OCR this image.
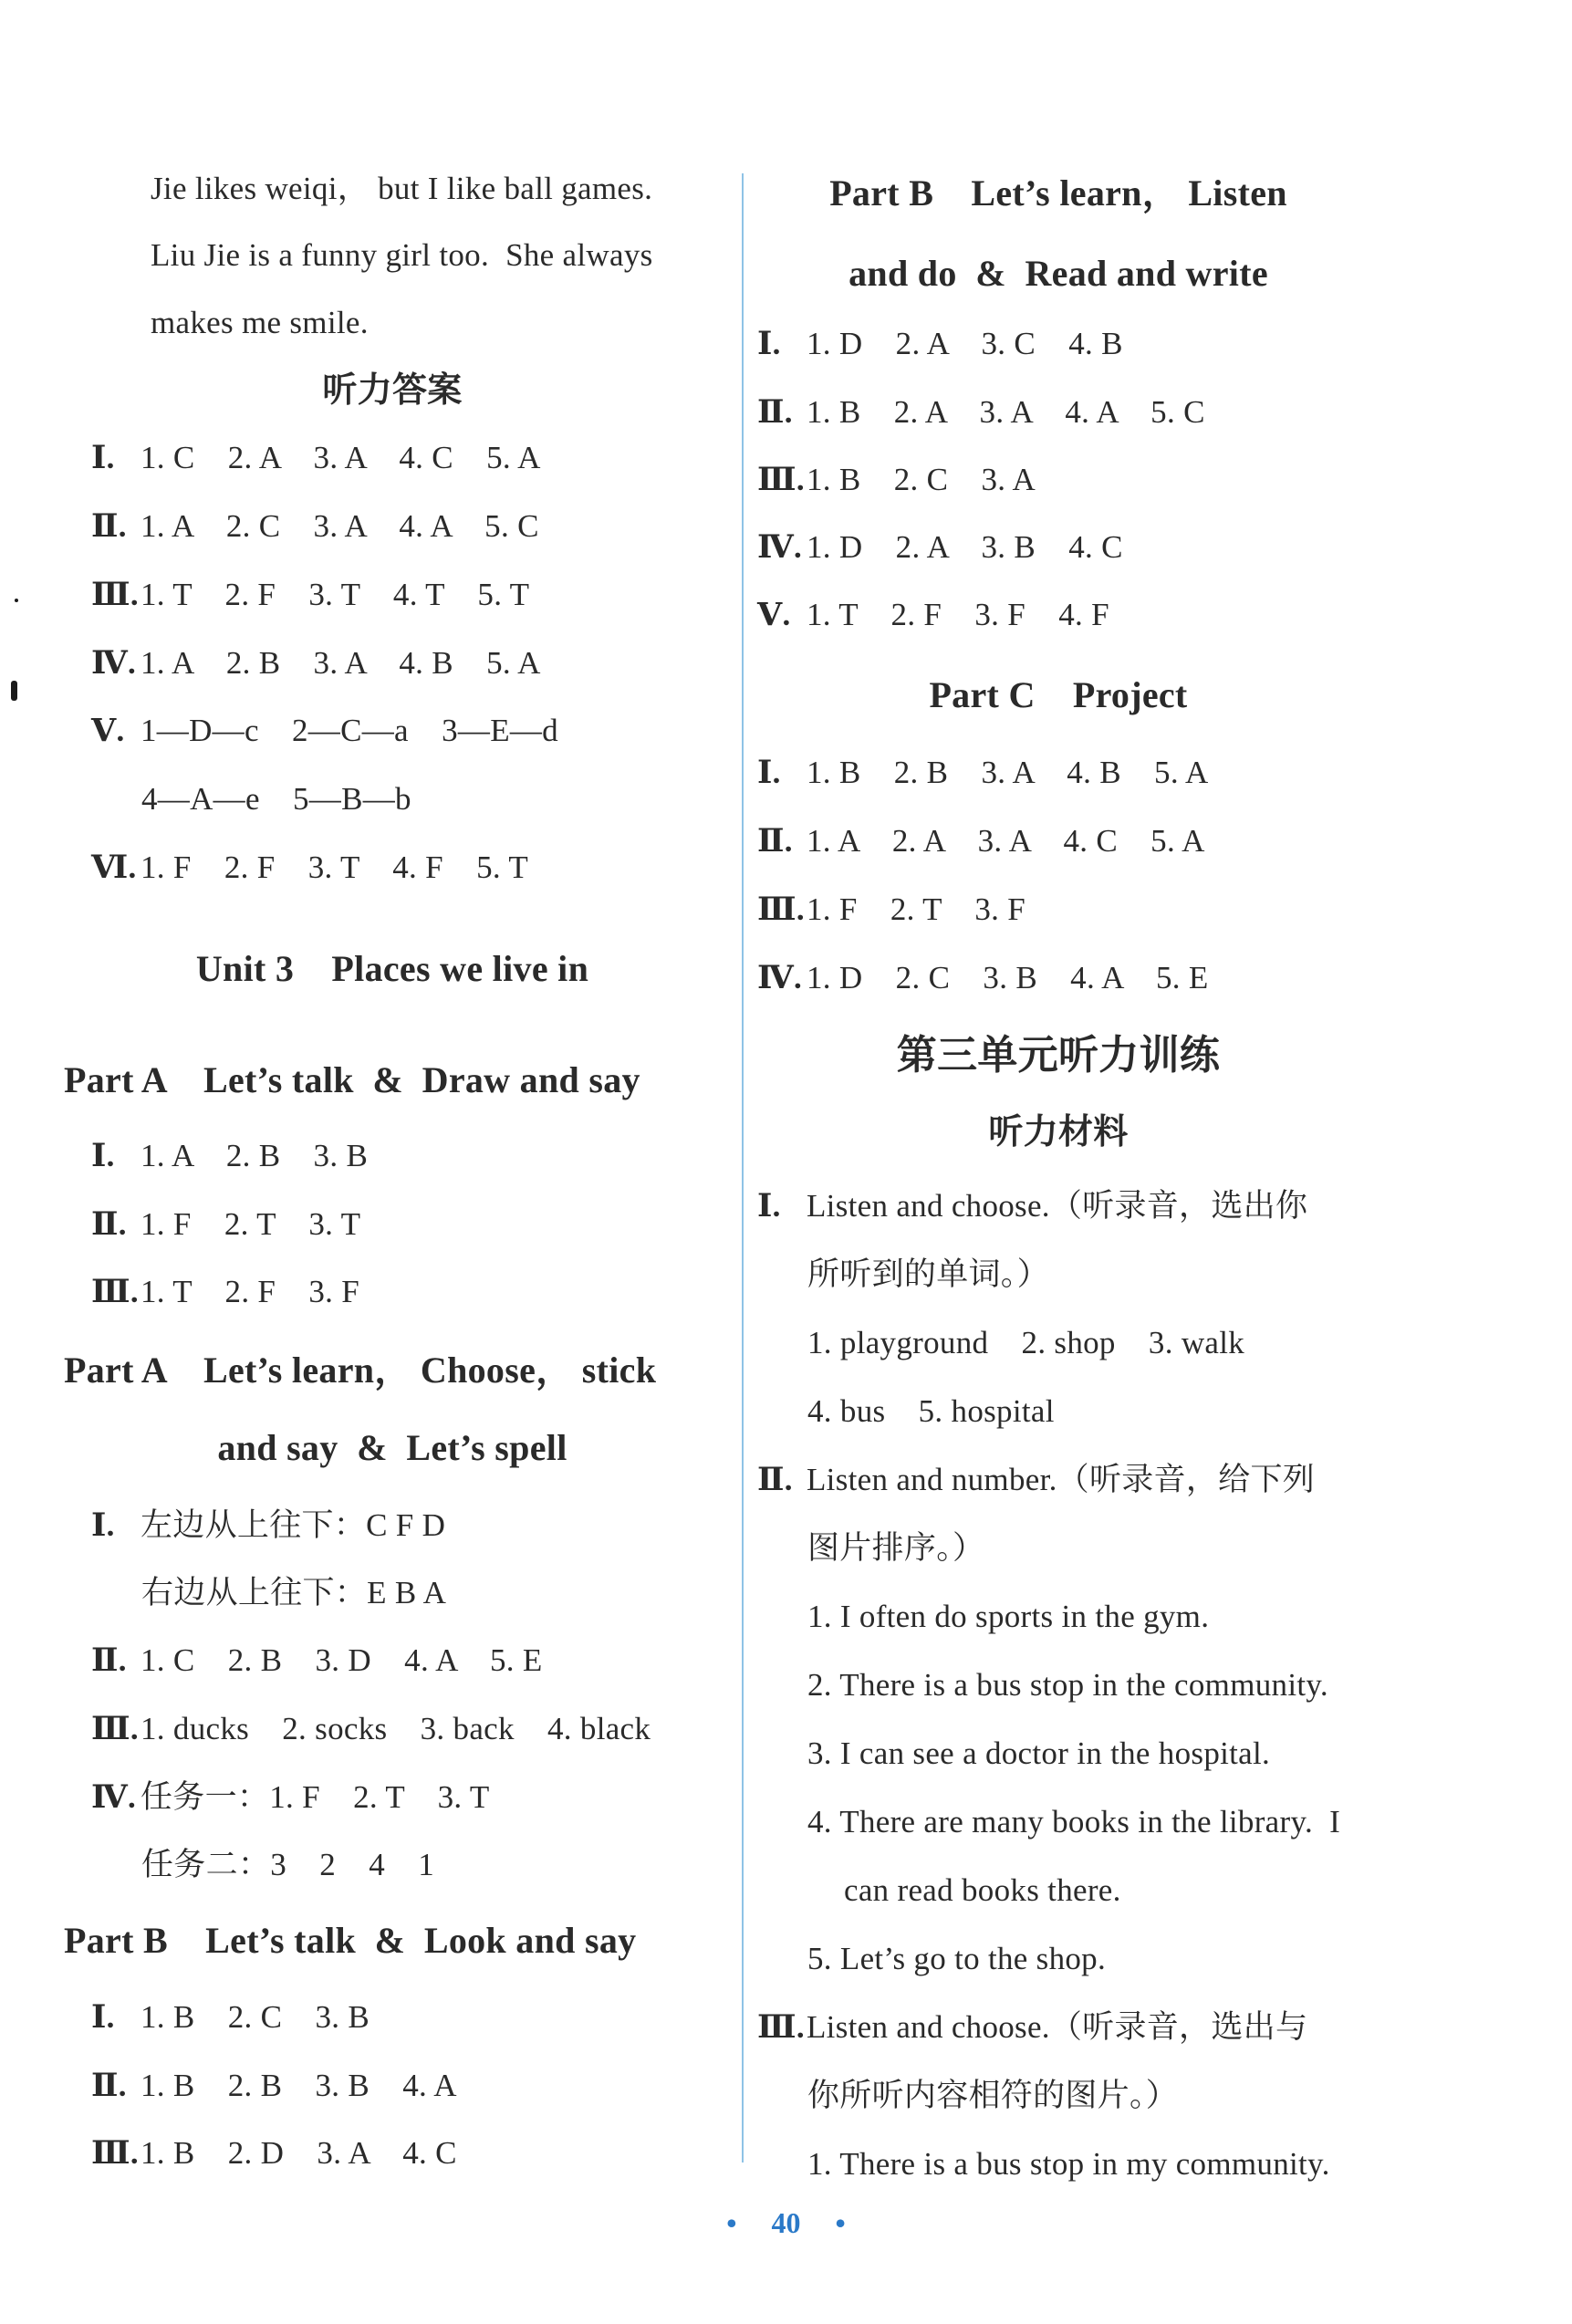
Jie likes weiqi， but I like ball games.
Liu Jie is a funny girl too.  She always
makes me smile.
听力答案
Ⅰ. 1. C    2. A    3. A    4. C    5. A
Ⅱ. 1. A    2. C    3. A    4. A    5. C
Ⅲ.1. T    2. F    3. T    4. T    5. T
Ⅳ. 1. A    2. B    3. A    4. B    5. A
Ⅴ. 1—D—c    2—C—a    3—E—d
4—A—e    5—B—b
Ⅵ. 1. F    2. F    3. T    4. F    5. T
Unit 3    Places we live in
Part A    Let’s talk  &  Draw and say
Ⅰ. 1. A    2. B    3. B
Ⅱ. 1. F    2. T    3. T
Ⅲ.1. T    2. F    3. F
Part A    Let’s learn， Choose， stick
and say  &  Let’s spell
Ⅰ. 左边从上往下：C F D
右边从上往下：E B A
Ⅱ. 1. C    2. B    3. D    4. A    5. E
Ⅲ.1. ducks    2. socks    3. back    4. black
Ⅳ. 任务一：1. F    2. T    3. T
任务二：3    2    4    1
Part B    Let’s talk  &  Look and say
Ⅰ. 1. B    2. C    3. B
Ⅱ. 1. B    2. B    3. B    4. A
Ⅲ.1. B    2. D    3. A    4. C
Part B    Let’s learn， Listen
and do  &  Read and write
Ⅰ. 1. D    2. A    3. C    4. B
Ⅱ. 1. B    2. A    3. A    4. A    5. C
Ⅲ.1. B    2. C    3. A
Ⅳ. 1. D    2. A    3. B    4. C
Ⅴ. 1. T    2. F    3. F    4. F
Part C    Project
Ⅰ. 1. B    2. B    3. A    4. B    5. A
Ⅱ. 1. A    2. A    3. A    4. C    5. A
Ⅲ.1. F    2. T    3. F
Ⅳ. 1. D    2. C    3. B    4. A    5. E
第三单元听力训练
听力材料
Ⅰ. Listen and choose.（听录音，选出你
所听到的单词。）
1. playground    2. shop    3. walk
4. bus    5. hospital
Ⅱ. Listen and number.（听录音，给下列
图片排序。）
1. I often do sports in the gym.
2. There is a bus stop in the community.
3. I can see a doctor in the hospital.
4. There are many books in the library.  I
can read books there.
5. Let’s go to the shop.
Ⅲ.Listen and choose.（听录音，选出与
你所听内容相符的图片。）
1. There is a bus stop in my community.
• 40 •
